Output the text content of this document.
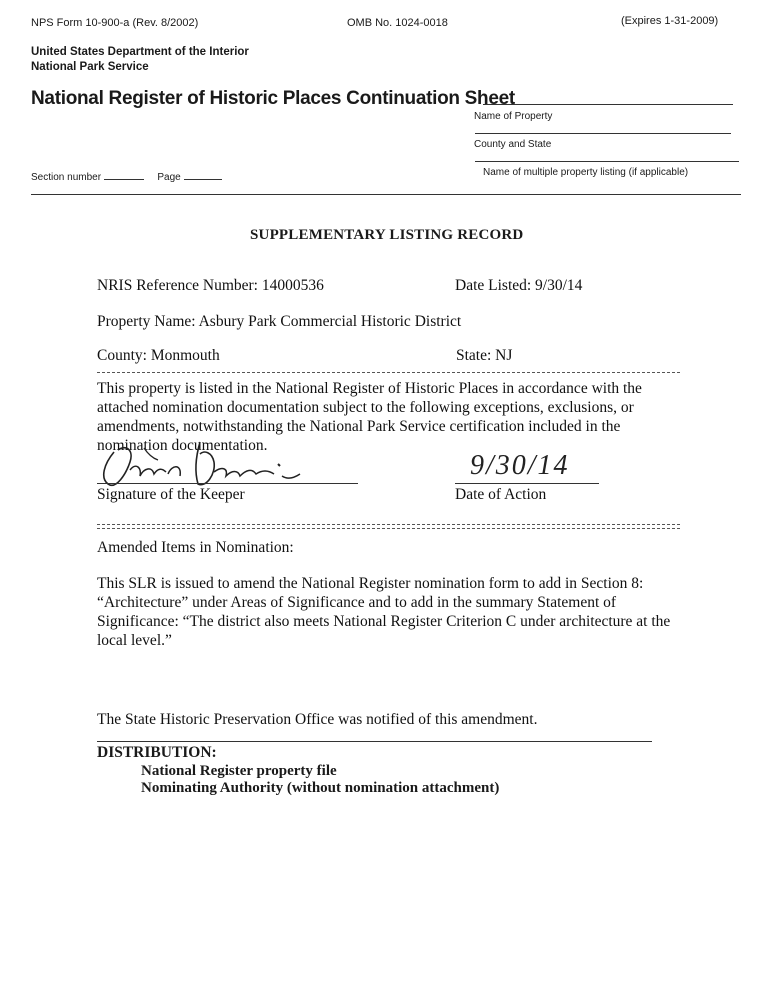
NPS Form 10-900-a (Rev. 8/2002)	OMB No. 1024-0018	(Expires 1-31-2009)
United States Department of the Interior
National Park Service
National Register of Historic Places Continuation Sheet
Name of Property
County and State
Name of multiple property listing (if applicable)
Section number	Page
SUPPLEMENTARY LISTING RECORD
NRIS Reference Number: 14000536	Date Listed: 9/30/14
Property Name: Asbury Park Commercial Historic District
County: Monmouth	State: NJ
This property is listed in the National Register of Historic Places in accordance with the attached nomination documentation subject to the following exceptions, exclusions, or amendments, notwithstanding the National Park Service certification included in the nomination documentation.
Signature of the Keeper
9/30/14
Date of Action
Amended Items in Nomination:
This SLR is issued to amend the National Register nomination form to add in Section 8: “Architecture” under Areas of Significance and to add in the summary Statement of Significance: “The district also meets National Register Criterion C under architecture at the local level.”
The State Historic Preservation Office was notified of this amendment.
DISTRIBUTION:
National Register property file
Nominating Authority (without nomination attachment)
